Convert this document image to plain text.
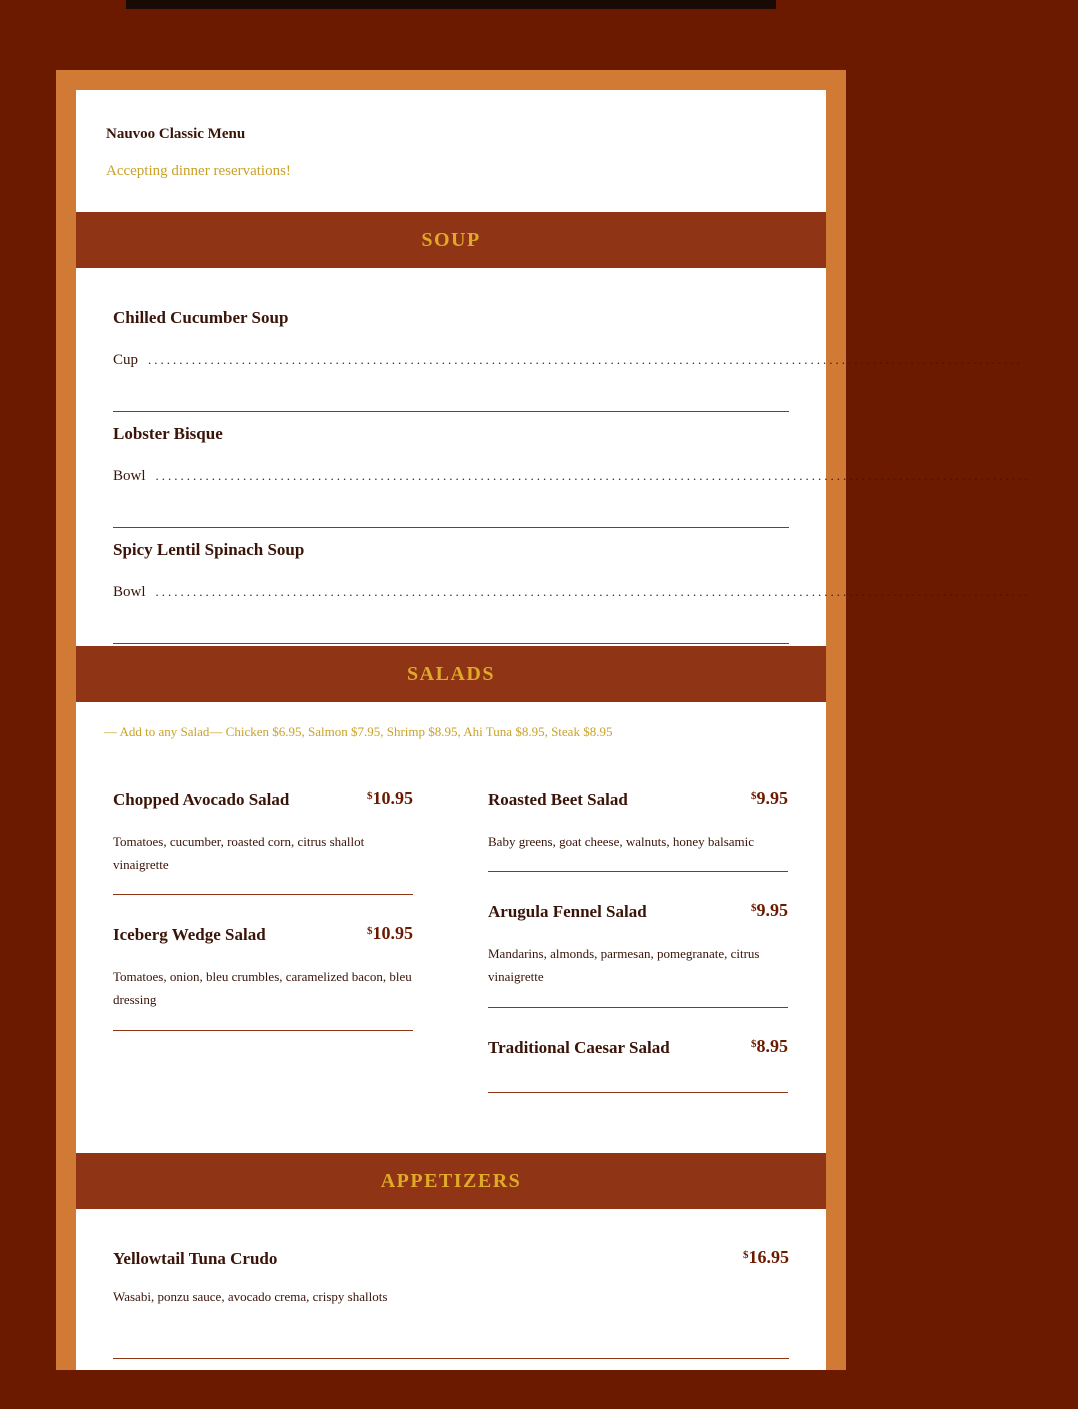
Nauvoo Classic Menu
Accepting dinner reservations!
SOUP
Chilled Cucumber Soup
Cup ............................................................................................................................................ $6.95
Lobster Bisque
Bowl ............................................................................................................................................ $9.95
Spicy Lentil Spinach Soup
Bowl ............................................................................................................................................ $7.95
SALADS
— Add to any Salad— Chicken $6.95, Salmon $7.95, Shrimp $8.95, Ahi Tuna $8.95, Steak $8.95
Chopped Avocado Salad	$10.95
Tomatoes, cucumber, roasted corn, citrus shallot vinaigrette
Iceberg Wedge Salad	$10.95
Tomatoes, onion, bleu crumbles, caramelized bacon, bleu dressing
Roasted Beet Salad	$9.95
Baby greens, goat cheese, walnuts, honey balsamic
Arugula Fennel Salad	$9.95
Mandarins, almonds, parmesan, pomegranate, citrus vinaigrette
Traditional Caesar Salad	$8.95
APPETIZERS
Yellowtail Tuna Crudo	$16.95
Wasabi, ponzu sauce, avocado crema, crispy shallots
